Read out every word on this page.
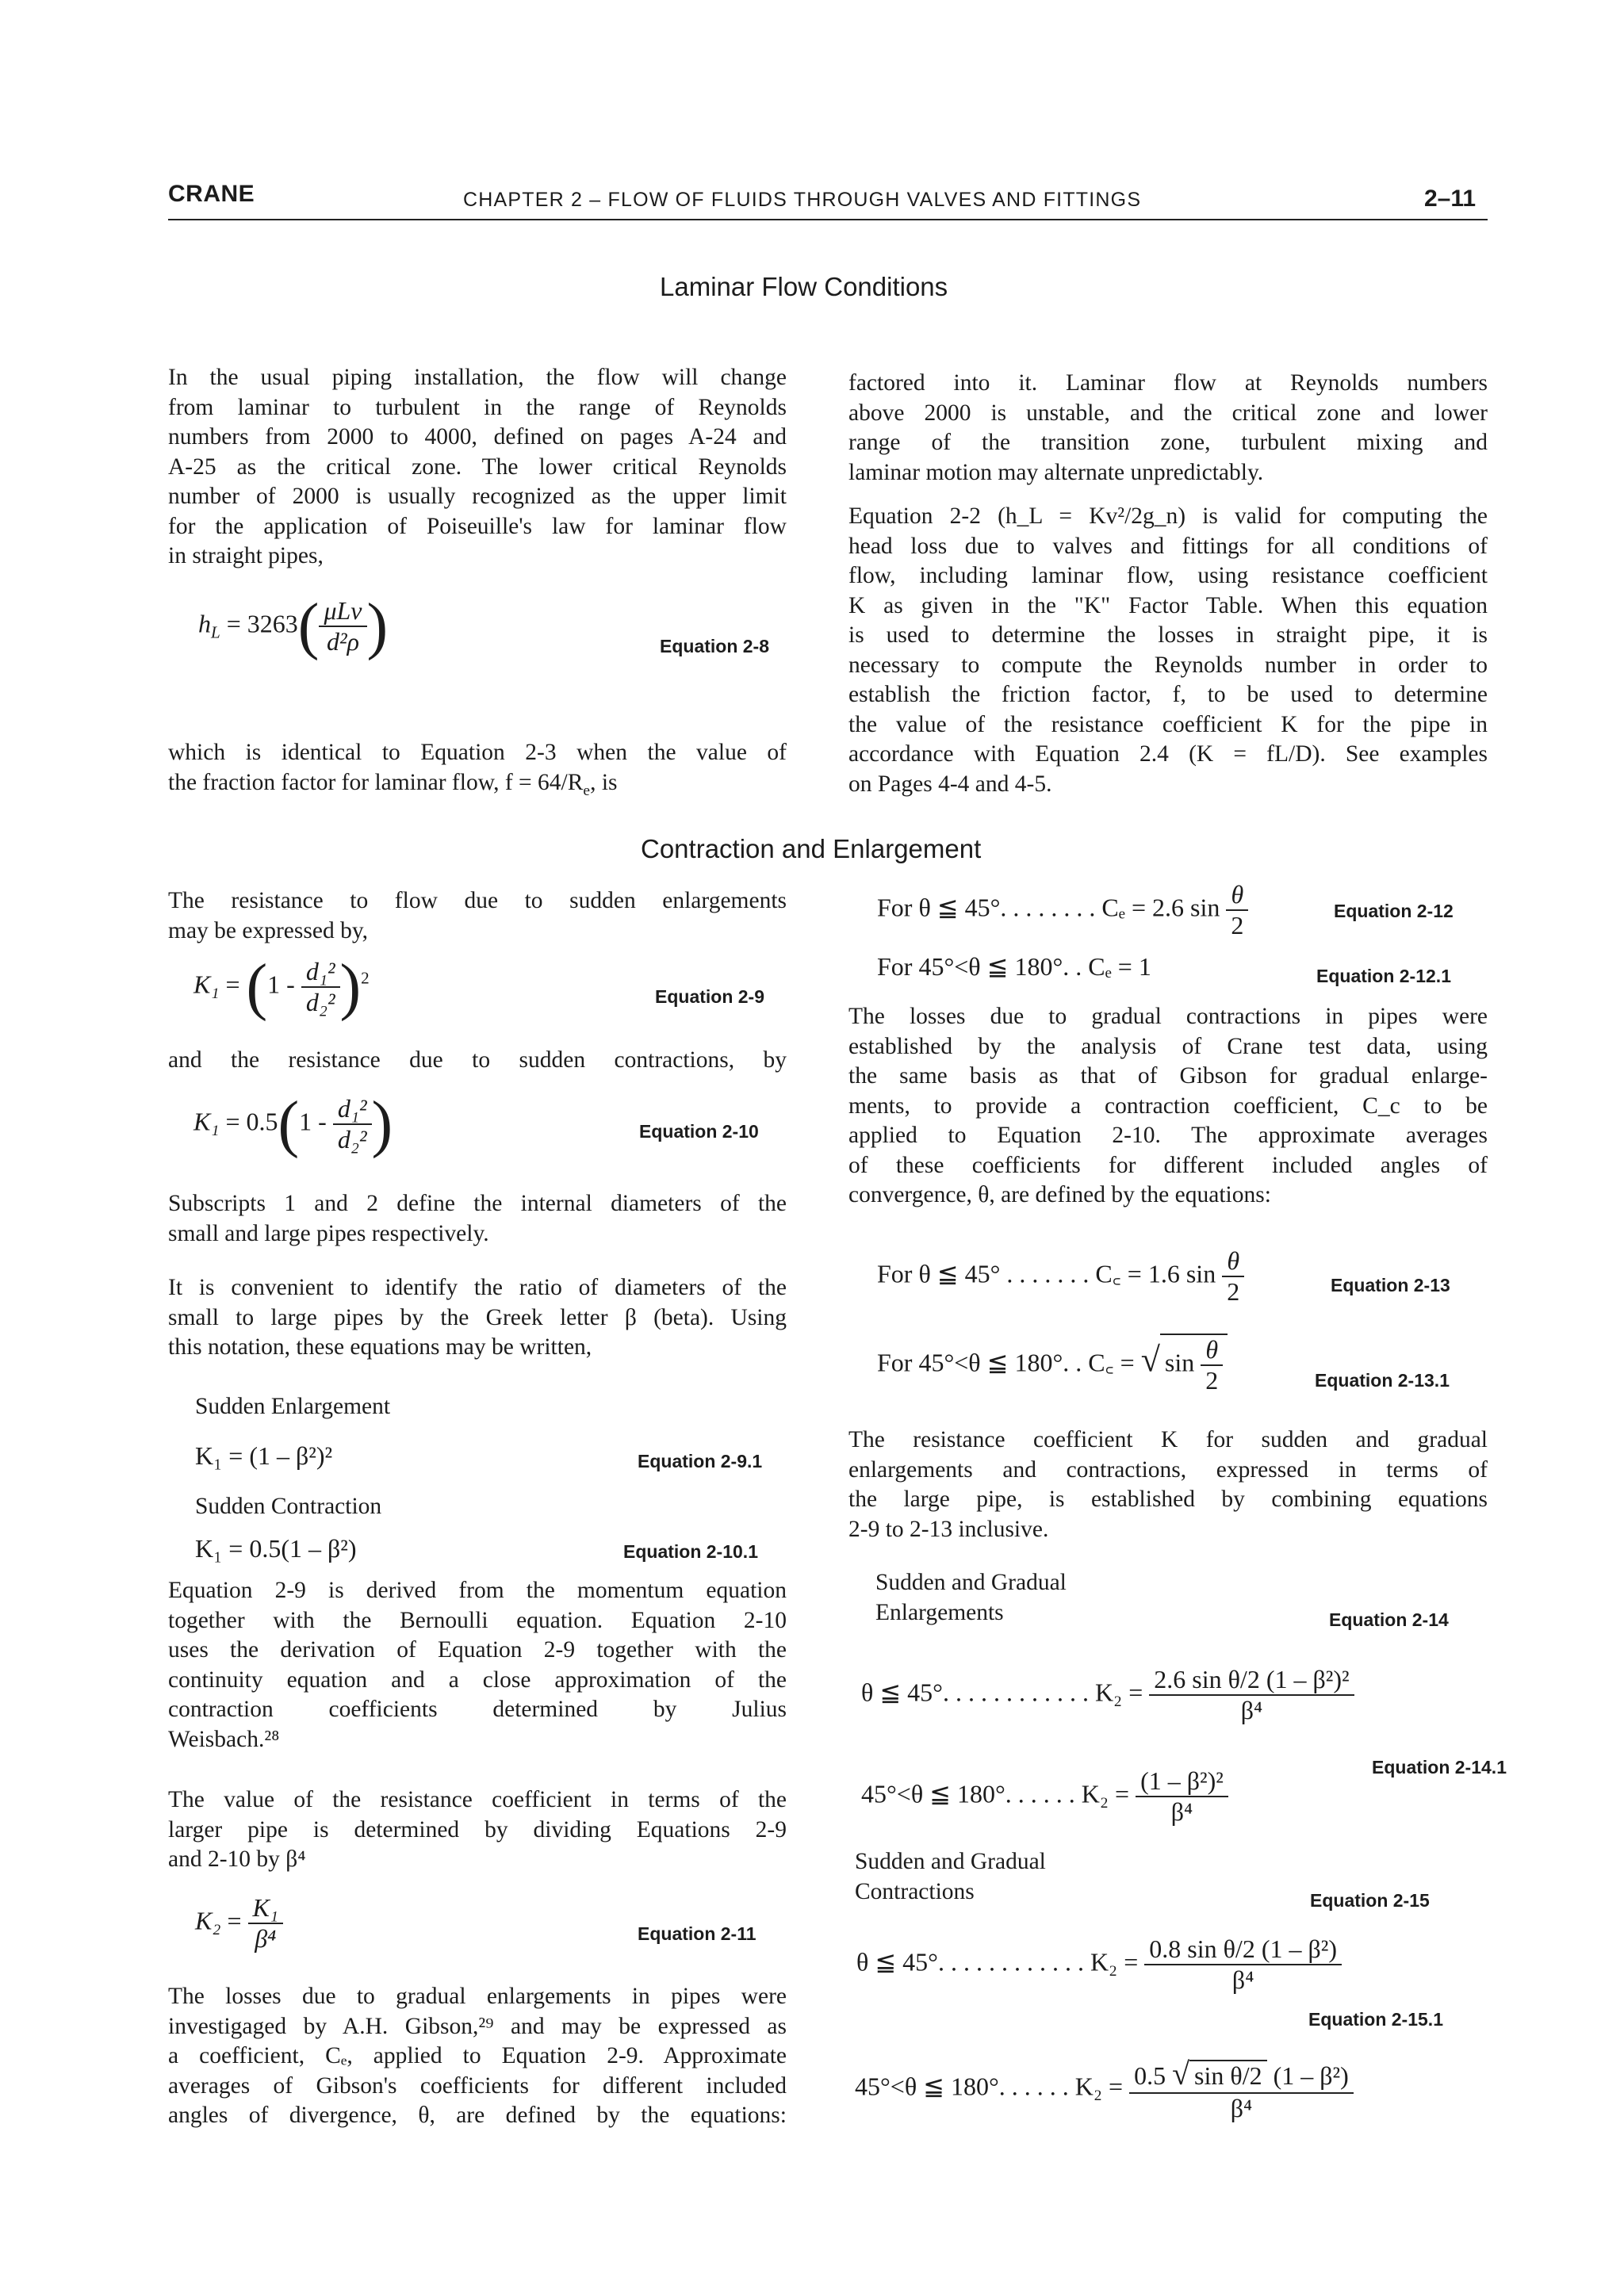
CRANE	CHAPTER 2 – FLOW OF FLUIDS THROUGH VALVES AND FITTINGS	2–11
Laminar Flow Conditions
In the usual piping installation, the flow will change
from laminar to turbulent in the range of Reynolds
numbers from 2000 to 4000, defined on pages A-24 and
A-25 as the critical zone. The lower critical Reynolds
number of 2000 is usually recognized as the upper limit
for the application of Poiseuille's law for laminar flow
in straight pipes,
$h_L = 3263( \frac{\text{μLv}}{\text{d²ρ}}$ )	Equation 2-8
which is identical to Equation 2-3 when the value of
the fraction factor for laminar flow, $f = 64/R_e$, is
factored into it. Laminar flow at Reynolds numbers
above 2000 is unstable, and the critical zone and lower
range of the transition zone, turbulent mixing and
laminar motion may alternate unpredictably.
Equation 2-2 (h_L = Kv²/2g_n) is valid for computing the
head loss due to valves and fittings for all conditions of
flow, including laminar flow, using resistance coefficient
K as given in the "K" Factor Table. When this equation
is used to determine the losses in straight pipe, it is
necessary to compute the Reynolds number in order to
establish the friction factor, f, to be used to determine
the value of the resistance coefficient K for the pipe in
accordance with Equation 2.4 (K = fL/D). See examples
on Pages 4-4 and 4-5.
Contraction and Enlargement
The resistance to flow due to sudden enlargements
may be expressed by,
$K_1 = (1 - \frac{\text{d₁²}}{\text{d₂²}} )^2$
Equation 2-9
and the resistance due to sudden contractions, by
$K_1 = 0.5(1 - \frac{\text{d₁²}}{\text{d₂²}}$ )	Equation 2-10
Subscripts 1 and 2 define the internal diameters of the
small and large pipes respectively.
It is convenient to identify the ratio of diameters of the
small to large pipes by the Greek letter β (beta). Using
this notation, these equations may be written,
Sudden Enlargement
K₁ = (1 – β²)²	Equation 2-9.1
Sudden Contraction
K₁ = 0.5(1 – β²)	Equation 2-10.1
Equation 2-9 is derived from the momentum equation
together with the Bernoulli equation. Equation 2-10
uses the derivation of Equation 2-9 together with the
continuity equation and a close approximation of the
contraction coefficients determined by Julius
Weisbach.²⁸
The value of the resistance coefficient in terms of the
larger pipe is determined by dividing Equations 2-9
and 2-10 by β⁴
$K_2 = \frac{\text{K₁}}{\text{β⁴}}$	Equation 2-11
The losses due to gradual enlargements in pipes were
investigaged by A.H. Gibson,²⁹ and may be expressed as
a coefficient, Cₑ, applied to Equation 2-9. Approximate
averages of Gibson's coefficients for different included
angles of divergence, θ, are defined by the equations:
For θ ≦ 45°. . . . . . . . Cₑ = 2.6 $\sin \frac{\theta}{2}$	Equation 2-12
For 45°<θ ≦ 180°. . Cₑ = 1	Equation 2-12.1
The losses due to gradual contractions in pipes were
established by the analysis of Crane test data, using
the same basis as that of Gibson for gradual enlarge-
ments, to provide a contraction coefficient, C_c to be
applied to Equation 2-10. The approximate averages
of these coefficients for different included angles of
convergence, θ, are defined by the equations:
For θ ≦ 45° . . . . . . . C꜀ = 1.6 $\sin \frac{\theta}{2}$	Equation 2-13
For 45°<θ ≦ 180°. . C꜀ = √ $\sin \frac{\theta}{2}$	Equation 2-13.1
The resistance coefficient K for sudden and gradual
enlargements and contractions, expressed in terms of
the large pipe, is established by combining equations
2-9 to 2-13 inclusive.
Sudden and Gradual
Enlargements	Equation 2-14
θ ≦ 45°. . . . . . . . . . . . $K_2 = \frac{\text{2.6 sin θ/2 (1 – β²)²}}{\text{β⁴}}$
Equation 2-14.1
45°<θ ≦ 180°. . . . . . $K_2 = \frac{\text{(1 – β²)²}}{\text{β⁴}}$
Sudden and Gradual
Contractions	Equation 2-15
θ ≦ 45°. . . . . . . . . . . . $K_2 = \frac{\text{0.8 sin θ/2 (1 – β²)}}{\text{β⁴}}$
Equation 2-15.1
45°<θ ≦ 180°. . . . . . $K_2 = \frac{\text{0.5 √ sin θ/2 (1 – β²)}}{\text{β⁴}}$
